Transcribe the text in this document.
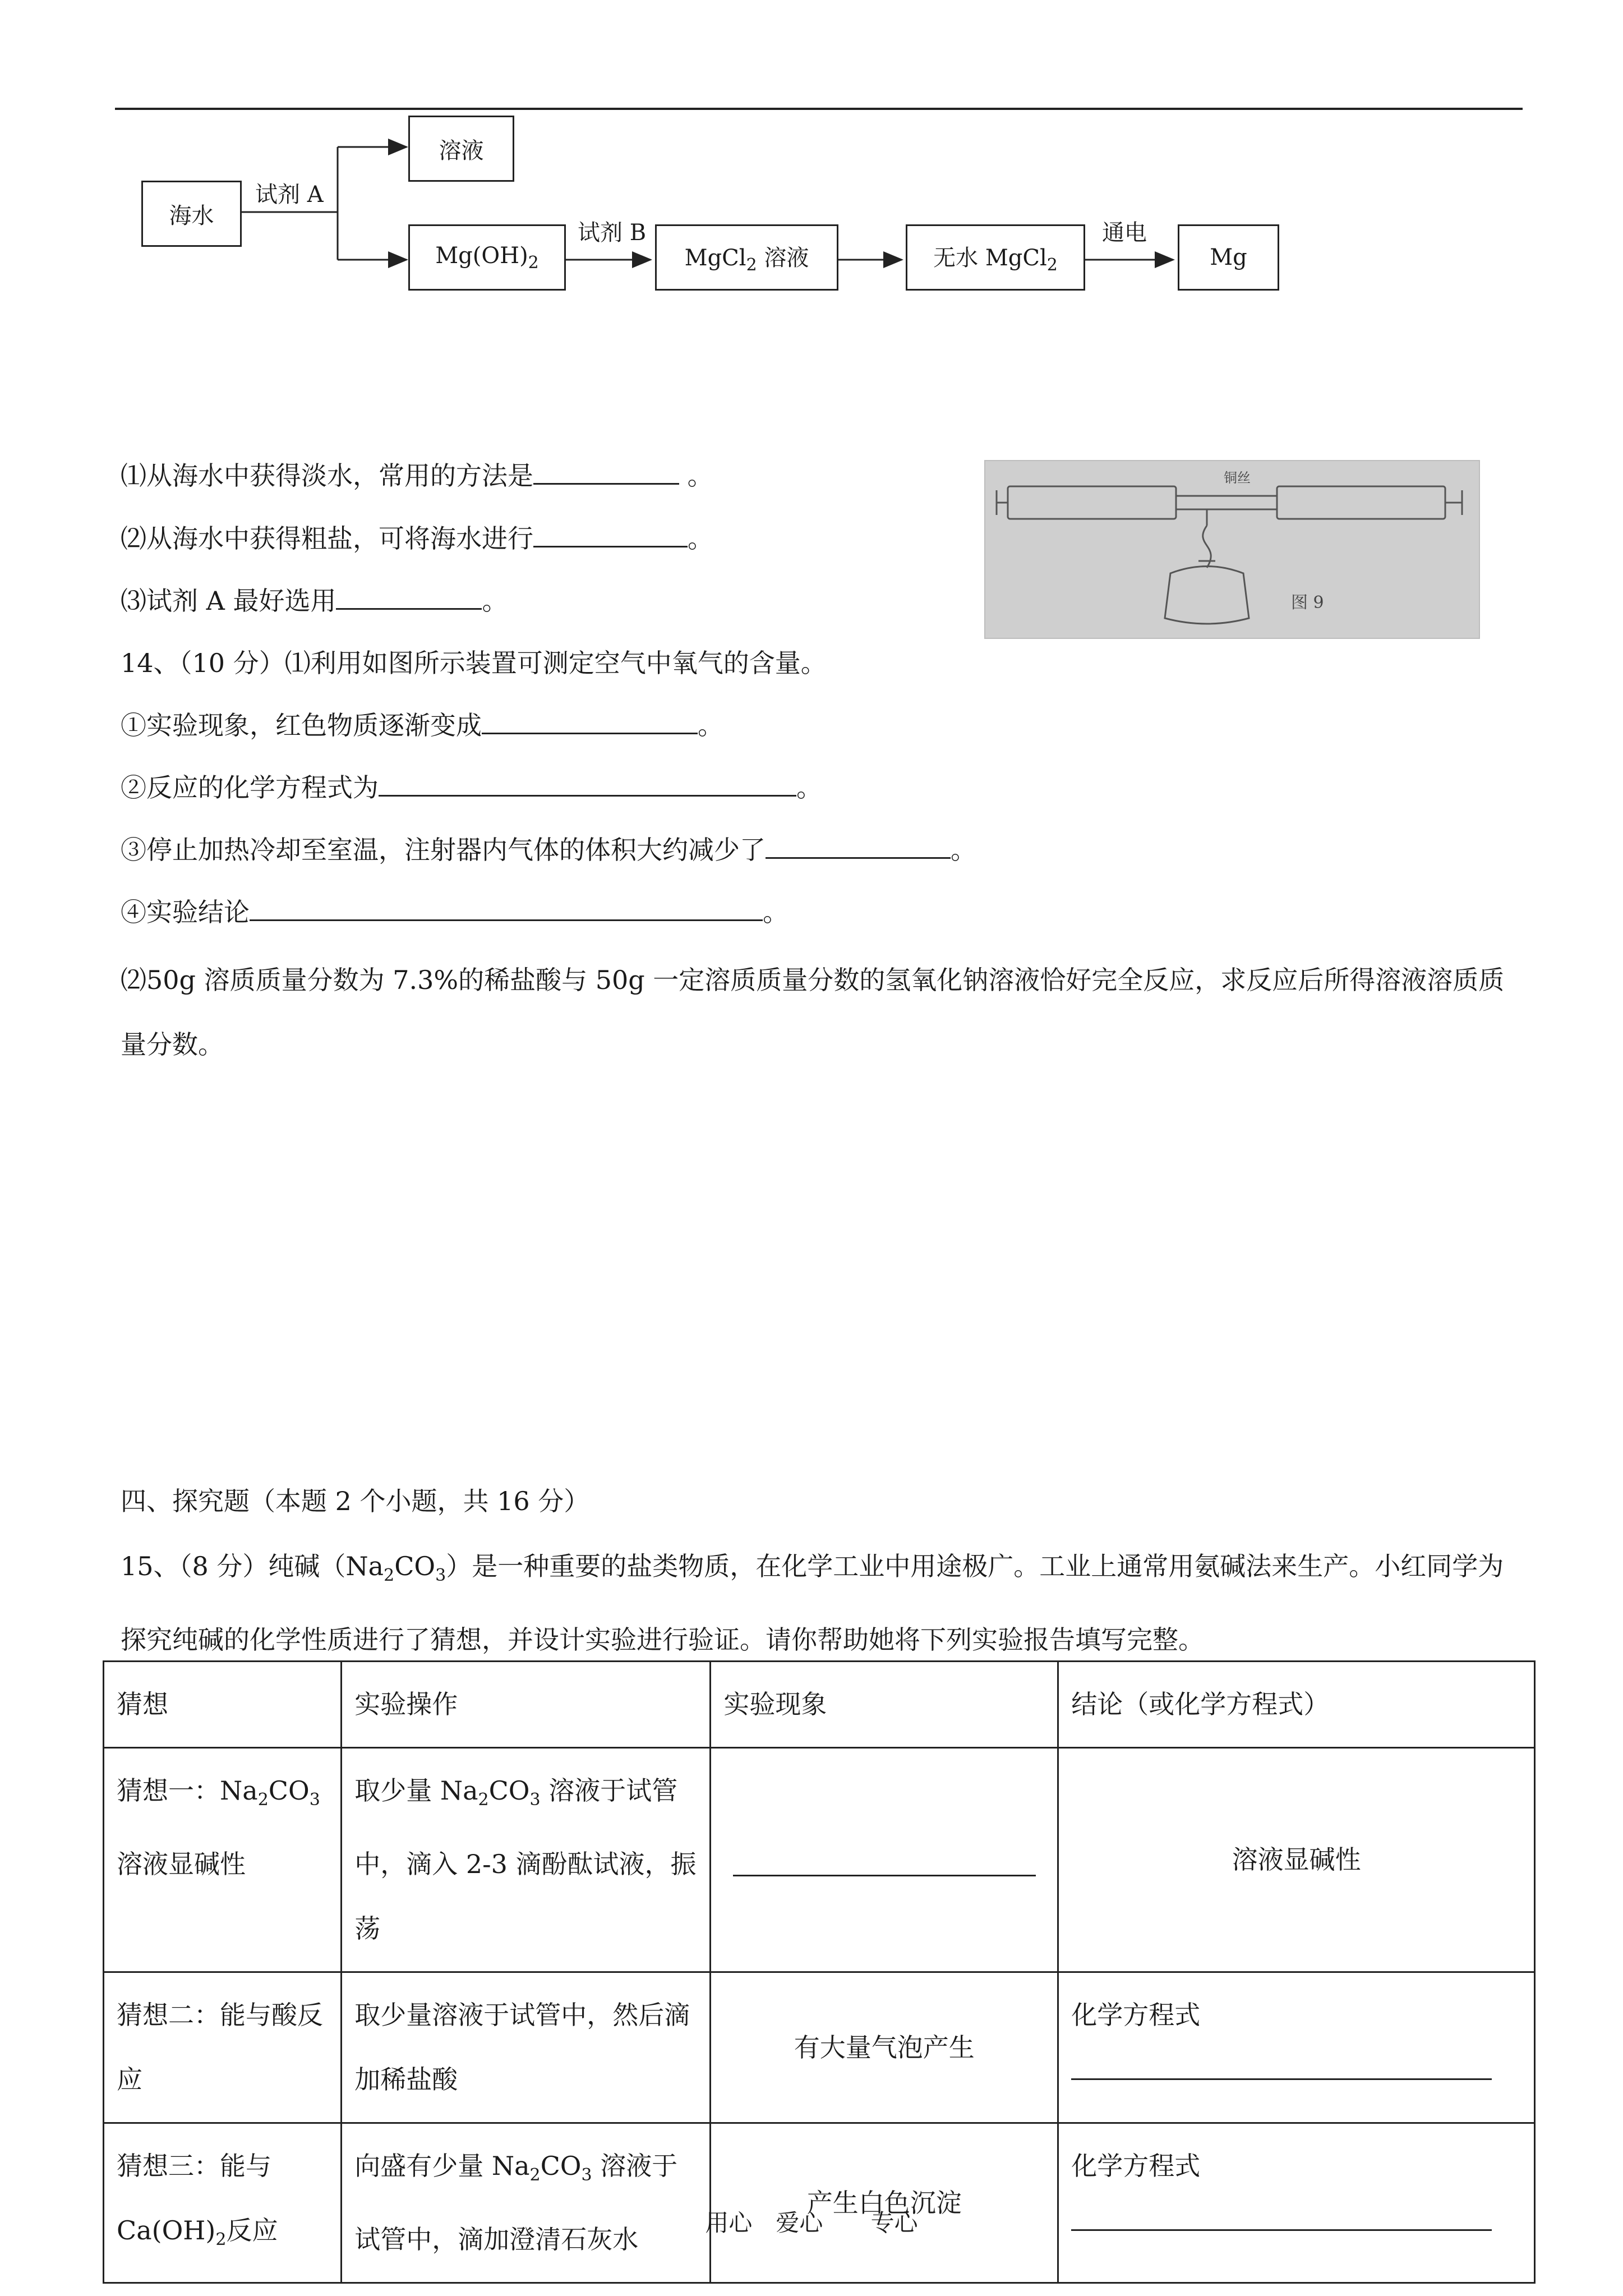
海水
试剂 A
溶液
$Mg(OH)_2$
试剂 B
MgCl$_2$ 溶液	无水 MgCl$_2$
通电
Mg
⑴从海水中获得淡水，常用的方法是	。
⑵从海水中获得粗盐，可将海水进行	。
⑶试剂 A 最好选用	。
铜丝
图 9
14、（10 分）⑴利用如图所示装置可测定空气中氧气的含量。
①实验现象，红色物质逐渐变成	。
②反应的化学方程式为	。
③停止加热冷却至室温，注射器内气体的体积大约减少了	。
④实验结论	。
⑵50g 溶质质量分数为 7.3%的稀盐酸与 50g 一定溶质质量分数的氢氧化钠溶液恰好完全反应，求反应后所得溶液溶质质量分数。
四、探究题（本题 2 个小题，共 16 分）
15、（8 分）纯碱$(Na_2CO_3)$是一种重要的盐类物质，在化学工业中用途极广。工业上通常用氨碱法来生产。小红同学为探究纯碱的化学性质进行了猜想，并设计实验进行验证。请你帮助她将下列实验报告填写完整。
猜想	实验操作	实验现象	结论（或化学方程式）
猜想一：$Na_2CO_3$
溶液显碱性	取少量 $Na_2CO_3$ 溶液于试管中，滴入 2-3 滴酚酞试液，振荡		溶液显碱性
猜想二：能与酸反应	取少量溶液于试管中，然后滴加稀盐酸	有大量气泡产生	化学方程式

猜想三：能与
$Ca(OH)_2$反应	向盛有少量 $Na_2CO_3$ 溶液于试管中，滴加澄清石灰水	产生白色沉淀	化学方程式
用心　爱心　 专心
